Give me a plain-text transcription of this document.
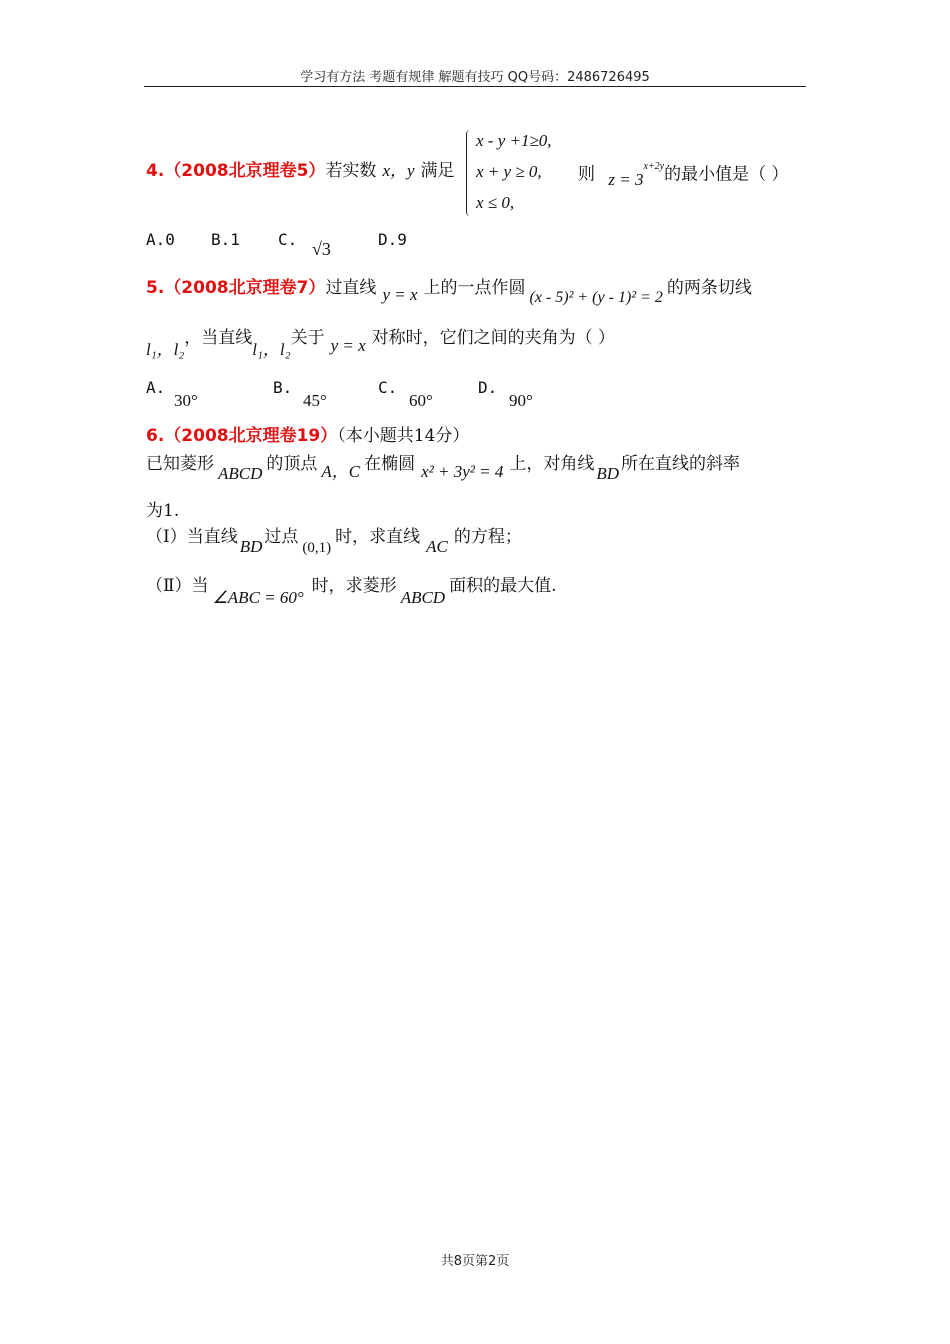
学习有方法 考题有规律 解题有技巧 QQ号码：2486726495
4.（2008北京理卷5）若实数 x，y 满足
x - y +1≥0,
x + y ≥ 0,
x ≤ 0,
则 $z = 3^{x+2y}$的最小值是（ ）
A.0 B.1 C. √3	D.9
5.（2008北京理卷7）过直线 y = x 上的一点作圆 (x - 5)² + (y - 1)² = 2 的两条切线
l₁，l₂，当直线l₁，l₂关于 y = x 对称时，它们之间的夹角为（ ）
A.
30°
B.
45°
C.
60°
D.
90°
6.（2008北京理卷19）（本小题共14分）
已知菱形 ABCD 的顶点 A，C 在椭圆 x² + 3y² = 4 上，对角线 BD 所在直线的斜率
为1.
（Ⅰ）当直线 BD 过点(0,1)时，求直线 AC 的方程；
（Ⅱ）当∠ABC = 60°时，求菱形ABCD面积的最大值.
共8页第2页
